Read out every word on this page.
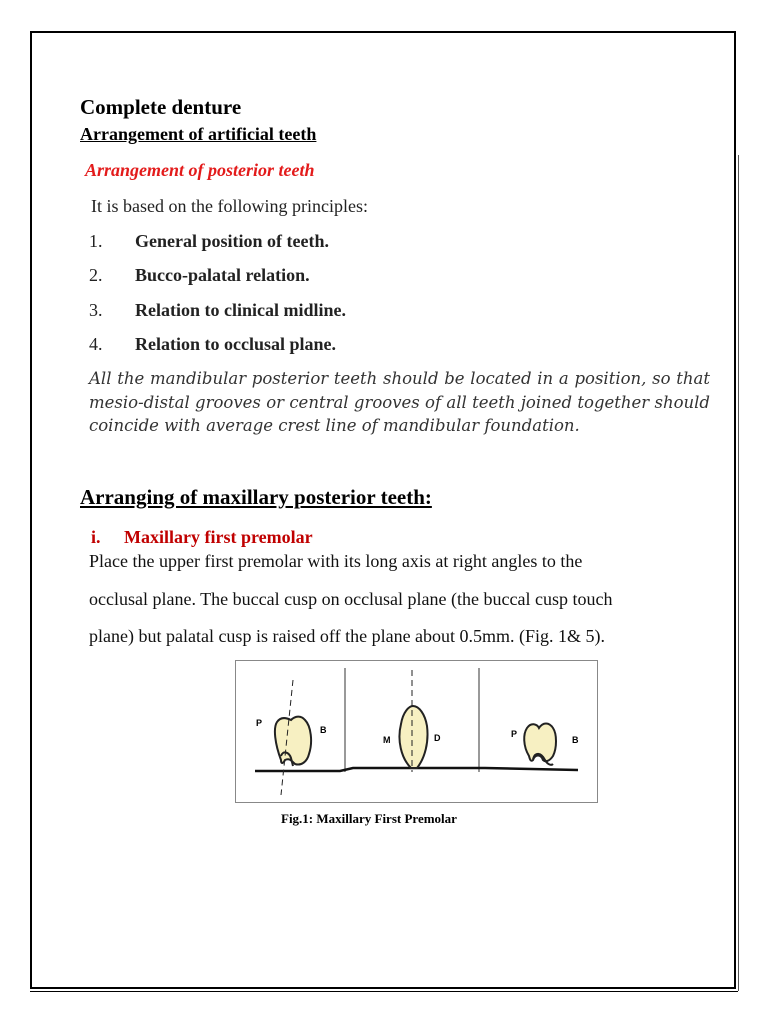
Complete denture
Arrangement of artificial teeth
Arrangement of posterior teeth
It is based on the following principles:
1. General position of teeth.
2. Bucco-palatal relation.
3. Relation to clinical midline.
4. Relation to occlusal plane.
All the mandibular posterior teeth should be located in a position, so that mesio-distal grooves or central grooves of all teeth joined together should coincide with average crest line of mandibular foundation.
Arranging of maxillary posterior teeth:
i. Maxillary first premolar
Place the upper first premolar with its long axis at right angles to the
occlusal plane. The buccal cusp on occlusal plane (the buccal cusp touch
plane) but palatal cusp is raised off the plane about 0.5mm. (Fig. 1& 5).
P
B
M	D	P
B
Fig.1: Maxillary First Premolar
